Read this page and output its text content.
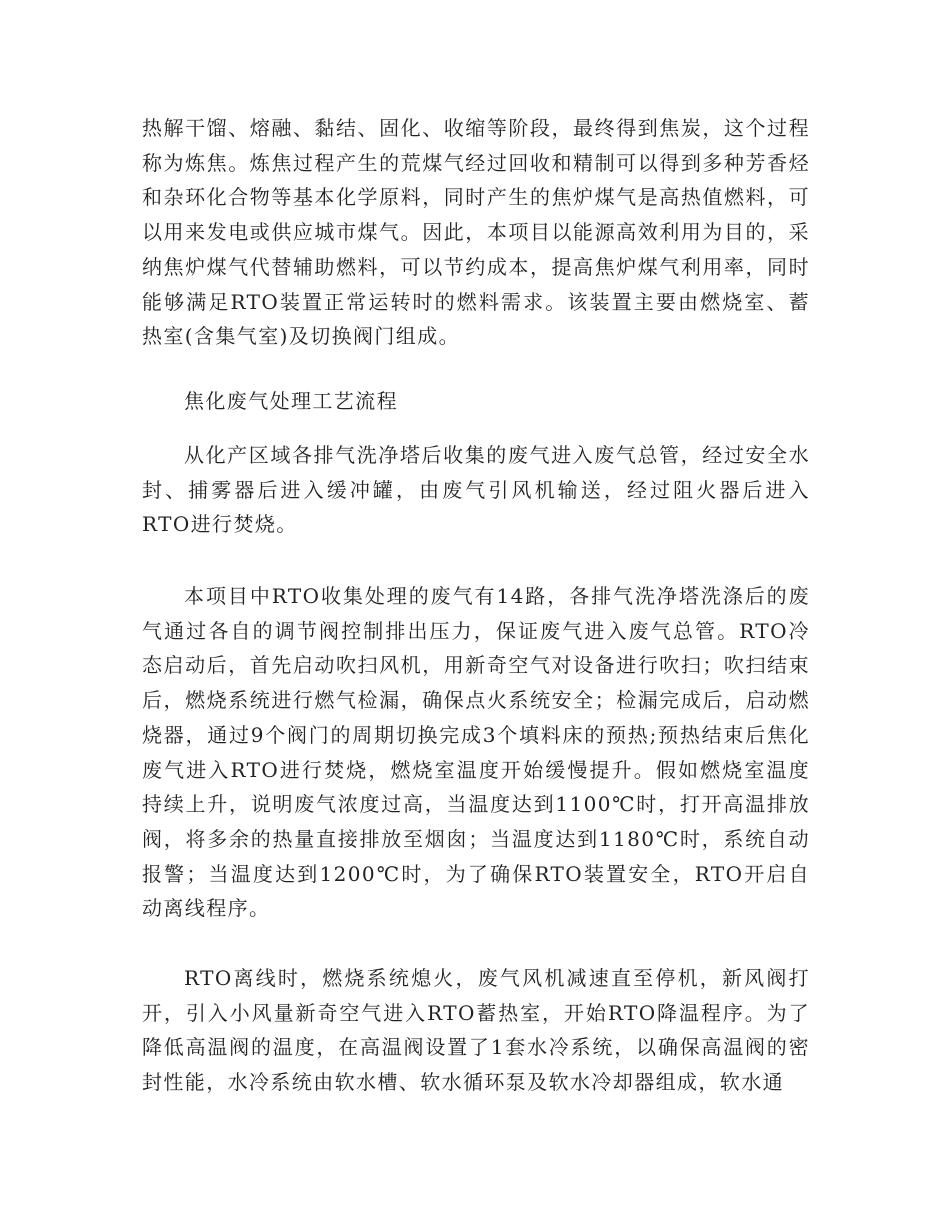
热解干馏、熔融、黏结、固化、收缩等阶段，最终得到焦炭，这个过程称为炼焦。炼焦过程产生的荒煤气经过回收和精制可以得到多种芳香烃和杂环化合物等基本化学原料，同时产生的焦炉煤气是高热值燃料，可以用来发电或供应城市煤气。因此，本项目以能源高效利用为目的，采纳焦炉煤气代替辅助燃料，可以节约成本，提高焦炉煤气利用率，同时能够满足RTO装置正常运转时的燃料需求。该装置主要由燃烧室、蓄热室(含集气室)及切换阀门组成。

焦化废气处理工艺流程

从化产区域各排气洗净塔后收集的废气进入废气总管，经过安全水封、捕雾器后进入缓冲罐，由废气引风机输送，经过阻火器后进入RTO进行焚烧。

本项目中RTO收集处理的废气有14路，各排气洗净塔洗涤后的废气通过各自的调节阀控制排出压力，保证废气进入废气总管。RTO冷态启动后，首先启动吹扫风机，用新奇空气对设备进行吹扫；吹扫结束后，燃烧系统进行燃气检漏，确保点火系统安全；检漏完成后，启动燃烧器，通过9个阀门的周期切换完成3个填料床的预热;预热结束后焦化废气进入RTO进行焚烧，燃烧室温度开始缓慢提升。假如燃烧室温度持续上升，说明废气浓度过高，当温度达到1100℃时，打开高温排放阀，将多余的热量直接排放至烟囱；当温度达到1180℃时，系统自动报警；当温度达到1200℃时，为了确保RTO装置安全，RTO开启自动离线程序。

RTO离线时，燃烧系统熄火，废气风机减速直至停机，新风阀打开，引入小风量新奇空气进入RTO蓄热室，开始RTO降温程序。为了降低高温阀的温度，在高温阀设置了1套水冷系统，以确保高温阀的密封性能，水冷系统由软水槽、软水循环泵及软水冷却器组成，软水通
